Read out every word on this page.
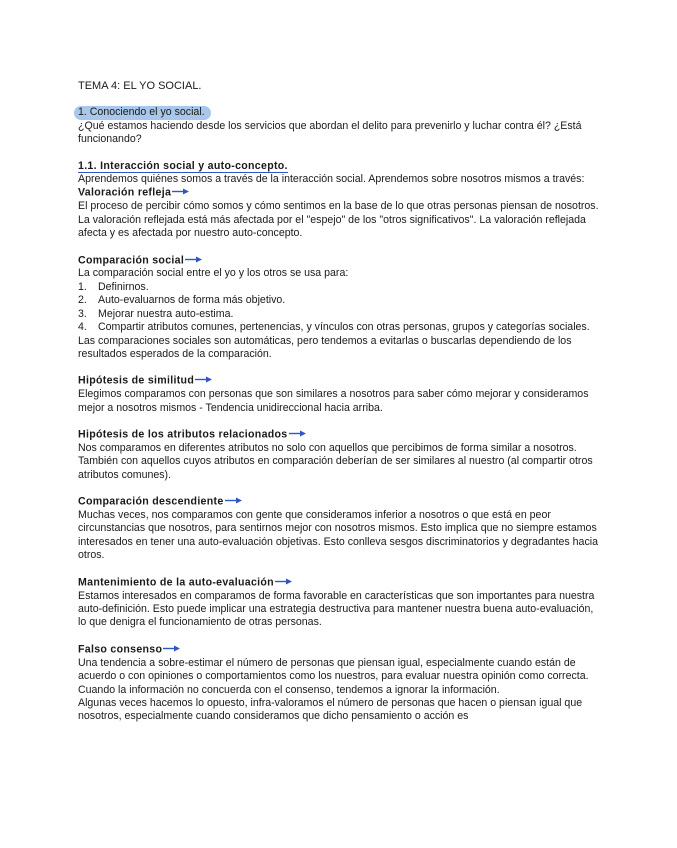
TEMA 4: EL YO SOCIAL.

1. Conociendo el yo social.

¿Qué estamos haciendo desde los servicios que abordan el delito para prevenirlo y luchar contra él? ¿Está funcionando?

1.1. Interacción social y auto-concepto.

Aprendemos quiénes somos a través de la interacción social. Aprendemos sobre nosotros mismos a través:

Valoración refleja

El proceso de percibir cómo somos y cómo sentimos en la base de lo que otras personas piensan de nosotros. La valoración reflejada está más afectada por el "espejo" de los "otros significativos". La valoración reflejada afecta y es afectada por nuestro auto-concepto.

Comparación social

La comparación social entre el yo y los otros se usa para:

1. Definirnos.
2. Auto-evaluarnos de forma más objetivo.
3. Mejorar nuestra auto-estima.
4. Compartir atributos comunes, pertenencias, y vínculos con otras personas, grupos y categorías sociales.

Las comparaciones sociales son automáticas, pero tendemos a evitarlas o buscarlas dependiendo de los resultados esperados de la comparación.

Hipótesis de similitud

Elegimos comparamos con personas que son similares a nosotros para saber cómo mejorar y consideramos mejor a nosotros mismos - Tendencia unidireccional hacia arriba.

Hipótesis de los atributos relacionados

Nos comparamos en diferentes atributos no solo con aquellos que percibimos de forma similar a nosotros. También con aquellos cuyos atributos en comparación deberían de ser similares al nuestro (al compartir otros atributos comunes).

Comparación descendiente

Muchas veces, nos comparamos con gente que consideramos inferior a nosotros o que está en peor circunstancias que nosotros, para sentirnos mejor con nosotros mismos. Esto implica que no siempre estamos interesados en tener una auto-evaluación objetivas. Esto conlleva sesgos discriminatorios y degradantes hacia otros.

Mantenimiento de la auto-evaluación

Estamos interesados en comparamos de forma favorable en características que son importantes para nuestra auto-definición. Esto puede implicar una estrategia destructiva para mantener nuestra buena auto-evaluación, lo que denigra el funcionamiento de otras personas.

Falso consenso

Una tendencia a sobre-estimar el número de personas que piensan igual, especialmente cuando están de acuerdo o con opiniones o comportamientos como los nuestros, para evaluar nuestra opinión como correcta. Cuando la información no concuerda con el consenso, tendemos a ignorar la información.

Algunas veces hacemos lo opuesto, infra-valoramos el número de personas que hacen o piensan igual que nosotros, especialmente cuando consideramos que dicho pensamiento o acción es
